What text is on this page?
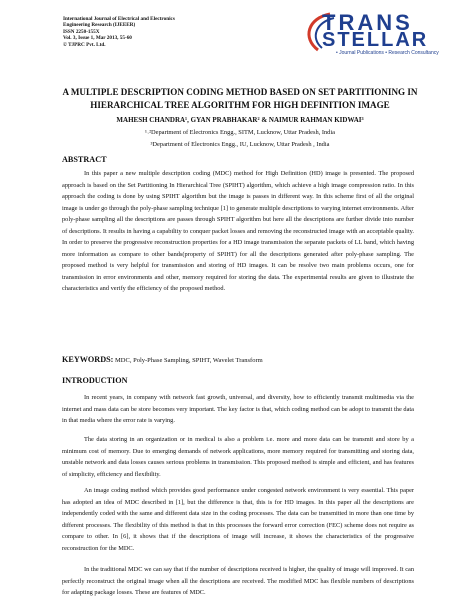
International Journal of Electrical and Electronics
Engineering Research (IJEEER)
ISSN 2250-155X
Vol. 3, Issue 1, Mar 2013, 55-60
© TJPRC Pvt. Ltd.
TRANS
STELLAR
• Journal Publications • Research Consultancy
A MULTIPLE DESCRIPTION CODING METHOD BASED ON SET PARTITIONING IN
HIERARCHICAL TREE ALGORITHM FOR HIGH DEFINITION IMAGE
MAHESH CHANDRA¹, GYAN PRABHAKAR² & NAIMUR RAHMAN KIDWAI³
¹˒²Department of Electronics Engg., SITM, Lucknow, Uttar Pradesh, India
³Department of Electronics Engg., IU, Lucknow, Uttar Pradesh , India
ABSTRACT
In this paper a new multiple description coding (MDC) method for High Definition (HD) image is presented. The proposed approach is based on the Set Partitioning In Hierarchical Tree (SPIHT) algorithm, which achieve a high image compression ratio. In this approach the coding is done by using SPIHT algorithm but the image is passes in different way. In this scheme first of all the original image is under go through the poly-phase sampling technique [1] to generate multiple descriptions to varying internet environments. After poly-phase sampling all the descriptions are passes through SPIHT algorithm but here all the descriptions are further divide into number of descriptions. It results in having a capability to conquer packet losses and removing the reconstructed image with an acceptable quality. In order to preserve the progressive reconstruction properties for a HD image transmission the separate packets of LL band, which having more information as compare to other bands(property of SPIHT) for all the descriptions generated after poly-phase sampling. The proposed method is very helpful for transmission and storing of HD images. It can be resolve two main problems occurs, one for transmission in error environments and other, memory required for storing the data. The experimental results are given to illustrate the characteristics and verify the efficiency of the proposed method.
KEYWORDS: MDC, Poly-Phase Sampling, SPIHT, Wavelet Transform
INTRODUCTION
In recent years, in company with network fast growth, universal, and diversity, how to efficiently transmit multimedia via the internet and mass data can be store becomes very important. The key factor is that, which coding method can be adopt to transmit the data in that media where the error rate is varying.
The data storing in an organization or in medical is also a problem i.e. more and more data can be transmit and store by a minimum cost of memory. Due to emerging demands of network applications, more memory required for transmitting and storing data, unstable network and data losses causes serious problems in transmission. This proposed method is simple and efficient, and has features of simplicity, efficiency and flexibility.
An image coding method which provides good performance under congested network environment is very essential. This paper has adopted an idea of MDC described in [1], but the difference is that, this is for HD images. In this paper all the descriptions are independently coded with the same and different data size in the coding processes. The data can be transmitted in more than one time by different processes. The flexibility of this method is that in this processes the forward error correction (FEC) scheme does not require as compare to other. In [6], it shows that if the descriptions of image will increase, it shows the characteristics of the progressive reconstruction for the MDC.
In the traditional MDC we can say that if the number of descriptions received is higher, the quality of image will improved. It can perfectly reconstruct the original image when all the descriptions are received. The modified MDC has flexible numbers of descriptions for adapting package losses. These are features of MDC.
